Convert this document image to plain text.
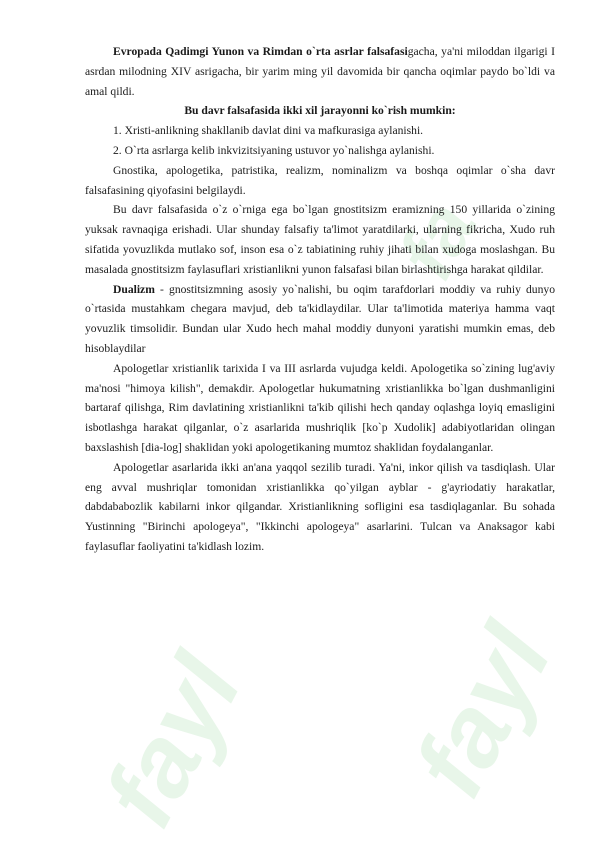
fayl fayl
fa

Evropada Qadimgi Yunon va Rimdan o`rta asrlar falsafasigacha, ya'ni miloddan ilgarigi I asrdan milodning XIV asrigacha, bir yarim ming yil davomida bir qancha oqimlar paydo bo`ldi va amal qildi.

Bu davr falsafasida ikki xil jarayonni ko`rish mumkin:

1. Xristi-anlikning shakllanib davlat dini va mafkurasiga aylanishi.

2. O`rta asrlarga kelib inkvizitsiyaning ustuvor yo`nalishga aylanishi.

Gnostika, apologetika, patristika, realizm, nominalizm va boshqa oqimlar o`sha davr falsafasining qiyofasini belgilaydi.

Bu davr falsafasida o`z o`rniga ega bo`lgan gnostitsizm eramizning 150 yillarida o`zining yuksak ravnaqiga erishadi. Ular shunday falsafiy ta'limot yaratdilarki, ularning fikricha, Xudo ruh sifatida yovuzlikda mutlako sof, inson esa o`z tabiatining ruhiy jihati bilan xudoga moslashgan. Bu masalada gnostitsizm faylasuflari xristianlikni yunon falsafasi bilan birlashtirishga harakat qildilar.

Dualizm - gnostitsizmning asosiy yo`nalishi, bu oqim tarafdorlari moddiy va ruhiy dunyo o`rtasida mustahkam chegara mavjud, deb ta'kidlaydilar. Ular ta'limotida materiya hamma vaqt yovuzlik timsolidir. Bundan ular Xudo hech mahal moddiy dunyoni yaratishi mumkin emas, deb hisoblaydilar

Apologetlar xristianlik tarixida I va III asrlarda vujudga keldi. Apologetika so`zining lug'aviy ma'nosi "himoya kilish", demakdir. Apologetlar hukumatning xristianlikka bo`lgan dushmanligini bartaraf qilishga, Rim davlatining xristianlikni ta'kib qilishi hech qanday oqlashga loyiq emasligini isbotlashga harakat qilganlar, o`z asarlarida mushriqlik [ko`p Xudolik] adabiyotlaridan olingan baxslashish [dia-log] shaklidan yoki apologetikaning mumtoz shaklidan foydalanganlar.

Apologetlar asarlarida ikki an'ana yaqqol sezilib turadi. Ya'ni, inkor qilish va tasdiqlash. Ular eng avval mushriqlar tomonidan xristianlikka qo`yilgan ayblar - g'ayriodatiy harakatlar, dabdababozlik kabilarni inkor qilgandar. Xristianlikning sofligini esa tasdiqlaganlar. Bu sohada Yustinning "Birinchi apologeya", "Ikkinchi apologeya" asarlarini. Tulcan va Anaksagor kabi faylasuflar faoliyatini ta'kidlash lozim.
